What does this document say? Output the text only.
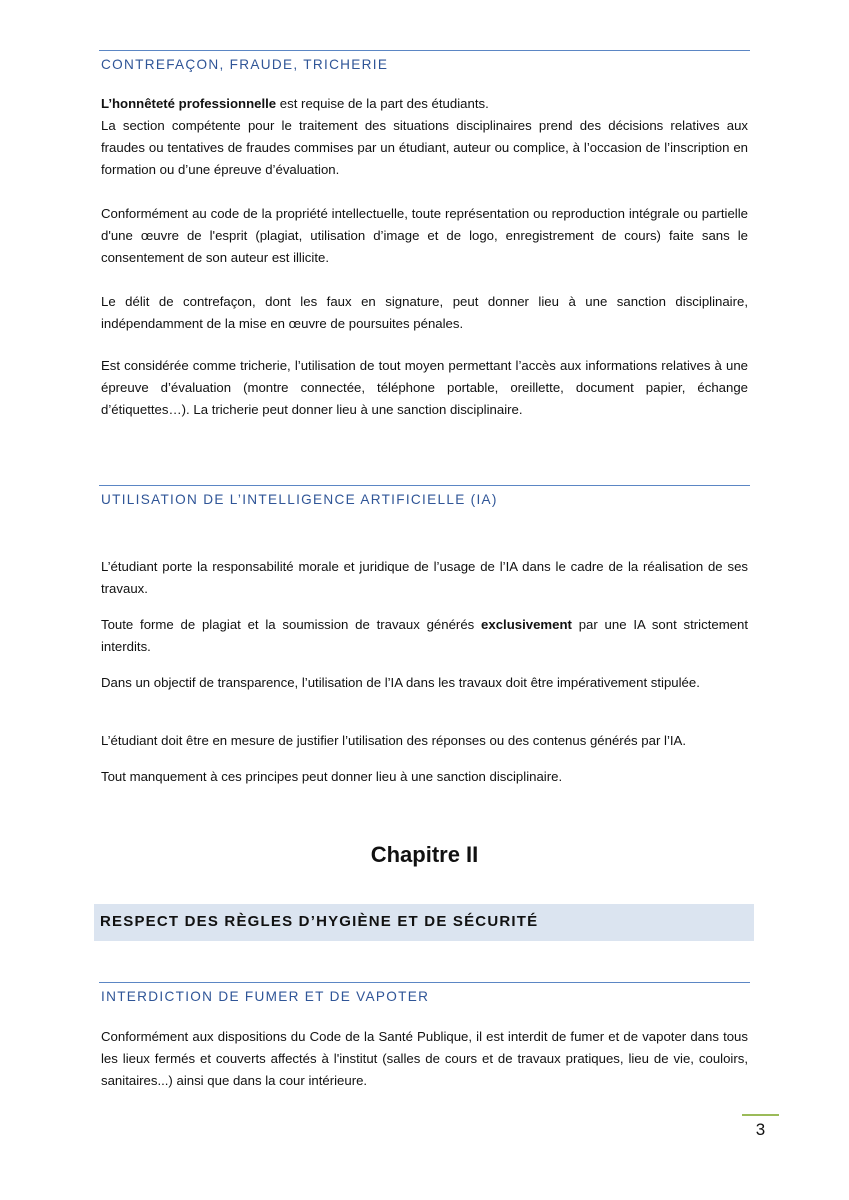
CONTREFAÇON, FRAUDE, TRICHERIE

L’honnêteté professionnelle est requise de la part des étudiants.

La section compétente pour le traitement des situations disciplinaires prend des décisions relatives aux fraudes ou tentatives de fraudes commises par un étudiant, auteur ou complice, à l’occasion de l’inscription en formation ou d’une épreuve d’évaluation.

Conformément au code de la propriété intellectuelle, toute représentation ou reproduction intégrale ou partielle d'une œuvre de l'esprit (plagiat, utilisation d’image et de logo, enregistrement de cours) faite sans le consentement de son auteur est illicite.

Le délit de contrefaçon, dont les faux en signature, peut donner lieu à une sanction disciplinaire, indépendamment de la mise en œuvre de poursuites pénales.

Est considérée comme tricherie, l’utilisation de tout moyen permettant l’accès aux informations relatives à une épreuve d’évaluation (montre connectée, téléphone portable, oreillette, document papier, échange d’étiquettes…). La tricherie peut donner lieu à une sanction disciplinaire.

UTILISATION DE L’INTELLIGENCE ARTIFICIELLE (IA)

L’étudiant porte la responsabilité morale et juridique de l’usage de l’IA dans le cadre de la réalisation de ses travaux.

Toute forme de plagiat et la soumission de travaux générés exclusivement par une IA sont strictement interdits.

Dans un objectif de transparence, l’utilisation de l’IA dans les travaux doit être impérativement stipulée.

L’étudiant doit être en mesure de justifier l’utilisation des réponses ou des contenus générés par l’IA.

Tout manquement à ces principes peut donner lieu à une sanction disciplinaire.

Chapitre II
RESPECT DES RÈGLES D’HYGIÈNE ET DE SÉCURITÉ
INTERDICTION DE FUMER ET DE VAPOTER

Conformément aux dispositions du Code de la Santé Publique, il est interdit de fumer et de vapoter dans tous les lieux fermés et couverts affectés à l'institut (salles de cours et de travaux pratiques, lieu de vie, couloirs, sanitaires...) ainsi que dans la cour intérieure.

3
